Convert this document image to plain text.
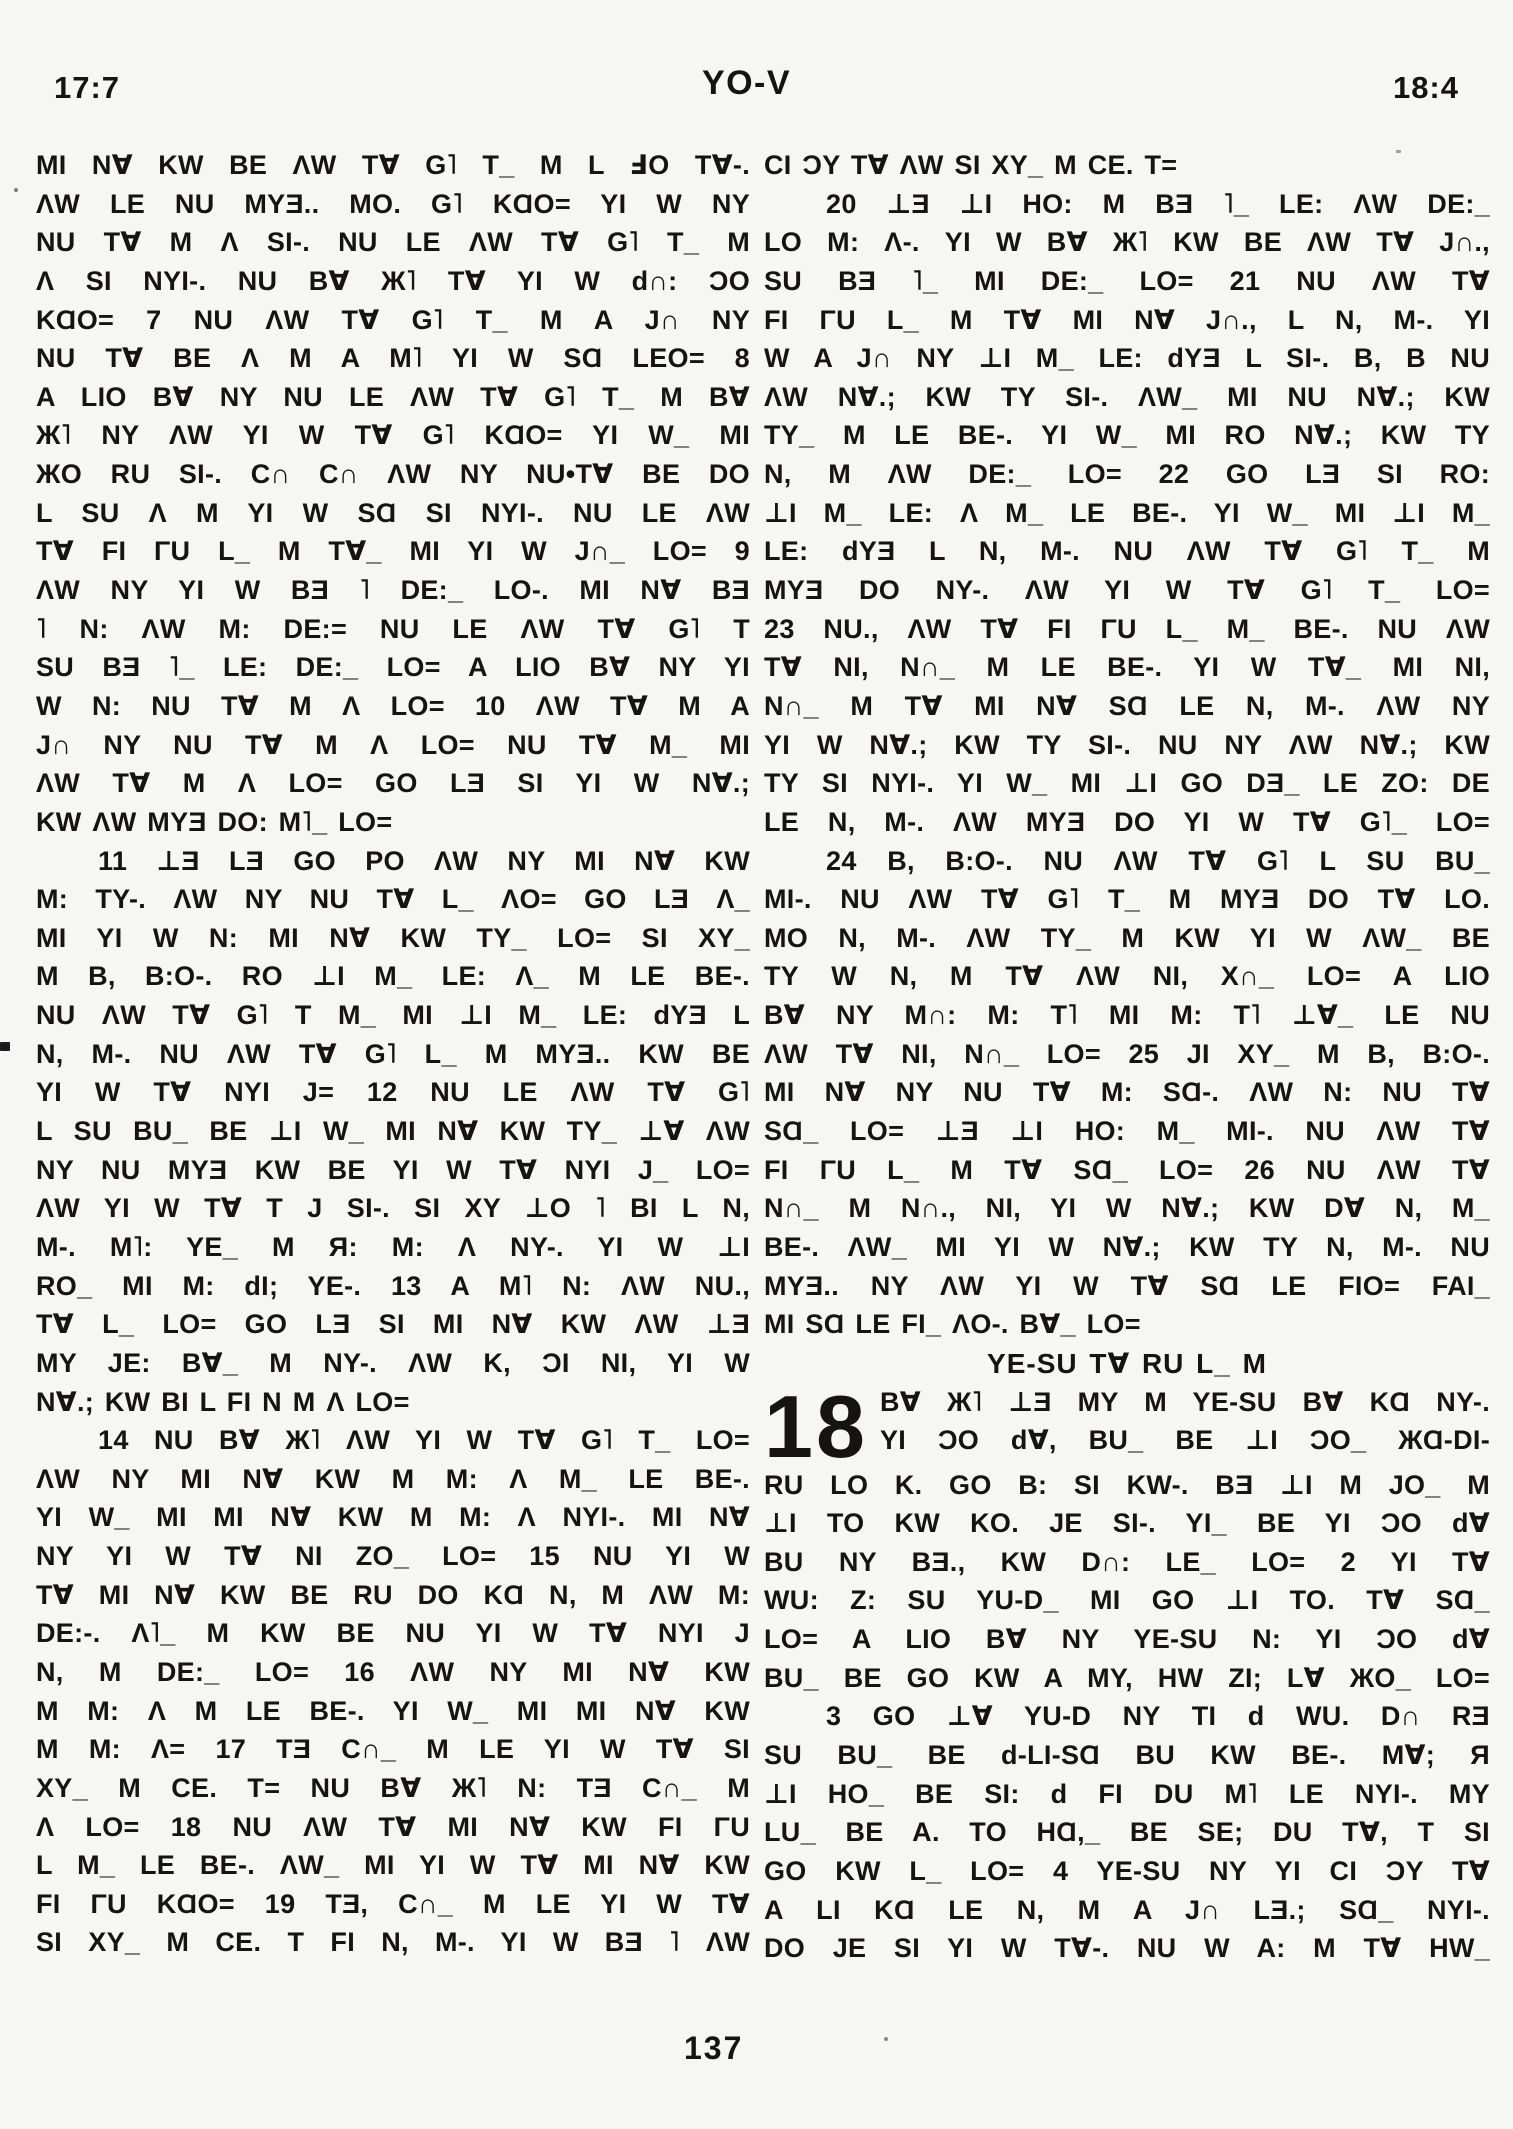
17:7	YO-V	18:4
MI N∀ KW BE ΛW T∀ G˥ T_ M L ℲO T∀-.
ΛW LE NU MYƎ.. MO. G˥ KⱭO= YI W NY
NU T∀ M Λ SI-. NU LE ΛW T∀ G˥ T_ M
Λ SI NYI-. NU B∀ Ж˥ T∀ YI W d∩: ƆO
KⱭO= 7 NU ΛW T∀ G˥ T_ M A J∩ NY
NU T∀ BE Λ M A M˥ YI W SⱭ LEO= 8
A LIO B∀ NY NU LE ΛW T∀ G˥ T_ M B∀
Ж˥ NY ΛW YI W T∀ G˥ KⱭO= YI W_ MI
ЖO RU SI-. C∩ C∩ ΛW NY NU•T∀ BE DO
L SU Λ M YI W SⱭ SI NYI-. NU LE ΛW
T∀ FI ΓU L_ M T∀_ MI YI W J∩_ LO= 9
ΛW NY YI W BƎ ˥ DE:_ LO-. MI N∀ BƎ
˥ N: ΛW M: DE:= NU LE ΛW T∀ G˥ T
SU BƎ ˥_ LE: DE:_ LO= A LIO B∀ NY YI
W N: NU T∀ M Λ LO= 10 ΛW T∀ M A
J∩ NY NU T∀ M Λ LO= NU T∀ M_ MI
ΛW T∀ M Λ LO= GO LƎ SI YI W N∀.;
KW ΛW MYƎ DO: M˥_ LO=
11 ⊥Ǝ LƎ GO PO ΛW NY MI N∀ KW
M: TY-. ΛW NY NU T∀ L_ ΛO= GO LƎ Λ_
MI YI W N: MI N∀ KW TY_ LO= SI XY_
M B, B:O-. RO ⊥I M_ LE: Λ_ M LE BE-.
NU ΛW T∀ G˥ T M_ MI ⊥I M_ LE: dYƎ L
N, M-. NU ΛW T∀ G˥ L_ M MYƎ.. KW BE
YI W T∀ NYI J= 12 NU LE ΛW T∀ G˥
L SU BU_ BE ⊥I W_ MI N∀ KW TY_ ⊥∀ ΛW
NY NU MYƎ KW BE YI W T∀ NYI J_ LO=
ΛW YI W T∀ T J SI-. SI XY ⊥O ˥ BI L N,
M-. M˥: YE_ M Я: M: Λ NY-. YI W ⊥I
RO_ MI M: dI; YE-. 13 A M˥ N: ΛW NU.,
T∀ L_ LO= GO LƎ SI MI N∀ KW ΛW ⊥Ǝ
MY JE: B∀_ M NY-. ΛW K, ƆI NI, YI W
N∀.; KW BI L FI N M Λ LO=
14 NU B∀ Ж˥ ΛW YI W T∀ G˥ T_ LO=
ΛW NY MI N∀ KW M M: Λ M_ LE BE-.
YI W_ MI MI N∀ KW M M: Λ NYI-. MI N∀
NY YI W T∀ NI ZO_ LO= 15 NU YI W
T∀ MI N∀ KW BE RU DO KⱭ N, M ΛW M:
DE:-. Λ˥_ M KW BE NU YI W T∀ NYI J
N, M DE:_ LO= 16 ΛW NY MI N∀ KW
M M: Λ M LE BE-. YI W_ MI MI N∀ KW
M M: Λ= 17 TƎ C∩_ M LE YI W T∀ SI
XY_ M CE. T= NU B∀ Ж˥ N: TƎ C∩_ M
Λ LO= 18 NU ΛW T∀ MI N∀ KW FI ΓU
L M_ LE BE-. ΛW_ MI YI W T∀ MI N∀ KW
FI ΓU KⱭO= 19 TƎ, C∩_ M LE YI W T∀
SI XY_ M CE. T FI N, M-. YI W BƎ ˥ ΛW
CI ƆY T∀ ΛW SI XY_ M CE. T=
20 ⊥Ǝ ⊥I HO: M BƎ ˥_ LE: ΛW DE:_
LO M: Λ-. YI W B∀ Ж˥ KW BE ΛW T∀ J∩.,
SU BƎ ˥_ MI DE:_ LO= 21 NU ΛW T∀
FI ΓU L_ M T∀ MI N∀ J∩., L N, M-. YI
W A J∩ NY ⊥I M_ LE: dYƎ L SI-. B, B NU
ΛW N∀.; KW TY SI-. ΛW_ MI NU N∀.; KW
TY_ M LE BE-. YI W_ MI RO N∀.; KW TY
N, M ΛW DE:_ LO= 22 GO LƎ SI RO:
⊥I M_ LE: Λ M_ LE BE-. YI W_ MI ⊥I M_
LE: dYƎ L N, M-. NU ΛW T∀ G˥ T_ M
MYƎ DO NY-. ΛW YI W T∀ G˥ T_ LO=
23 NU., ΛW T∀ FI ΓU L_ M_ BE-. NU ΛW
T∀ NI, N∩_ M LE BE-. YI W T∀_ MI NI,
N∩_ M T∀ MI N∀ SⱭ LE N, M-. ΛW NY
YI W N∀.; KW TY SI-. NU NY ΛW N∀.; KW
TY SI NYI-. YI W_ MI ⊥I GO DƎ_ LE ZO: DE
LE N, M-. ΛW MYƎ DO YI W T∀ G˥_ LO=
24 B, B:O-. NU ΛW T∀ G˥ L SU BU_
MI-. NU ΛW T∀ G˥ T_ M MYƎ DO T∀ LO.
MO N, M-. ΛW TY_ M KW YI W ΛW_ BE
TY W N, M T∀ ΛW NI, X∩_ LO= A LIO
B∀ NY M∩: M: T˥ MI M: T˥ ⊥∀_ LE NU
ΛW T∀ NI, N∩_ LO= 25 JI XY_ M B, B:O-.
MI N∀ NY NU T∀ M: SⱭ-. ΛW N: NU T∀
SⱭ_ LO= ⊥Ǝ ⊥I HO: M_ MI-. NU ΛW T∀
FI ΓU L_ M T∀ SⱭ_ LO= 26 NU ΛW T∀
N∩_ M N∩., NI, YI W N∀.; KW D∀ N, M_
BE-. ΛW_ MI YI W N∀.; KW TY N, M-. NU
MYƎ.. NY ΛW YI W T∀ SⱭ LE FIO= FAI_
MI SⱭ LE FI_ ΛO-. B∀_ LO=
YE-SU T∀ RU L_ M
18 B∀ Ж˥ ⊥Ǝ MY M YE-SU B∀ KⱭ NY-.
YI ƆO d∀, BU_ BE ⊥I ƆO_ ЖⱭ-DI-
RU LO K. GO B: SI KW-. BƎ ⊥I M JO_ M
⊥I TO KW KO. JE SI-. YI_ BE YI ƆO d∀
BU NY BƎ., KW D∩: LE_ LO= 2 YI T∀
WU: Z: SU YU-D_ MI GO ⊥I TO. T∀ SⱭ_
LO= A LIO B∀ NY YE-SU N: YI ƆO d∀
BU_ BE GO KW A MY, HW ZI; L∀ ЖO_ LO=
3 GO ⊥∀ YU-D NY TI d WU. D∩ RƎ
SU BU_ BE d-LI-SⱭ BU KW BE-. M∀; Я
⊥I HO_ BE SI: d FI DU M˥ LE NYI-. MY
LU_ BE A. TO HⱭ,_ BE SE; DU T∀, T SI
GO KW L_ LO= 4 YE-SU NY YI CI ƆY T∀
A LI KⱭ LE N, M A J∩ LƎ.; SⱭ_ NYI-.
DO JE SI YI W T∀-. NU W A: M T∀ HW_
137
